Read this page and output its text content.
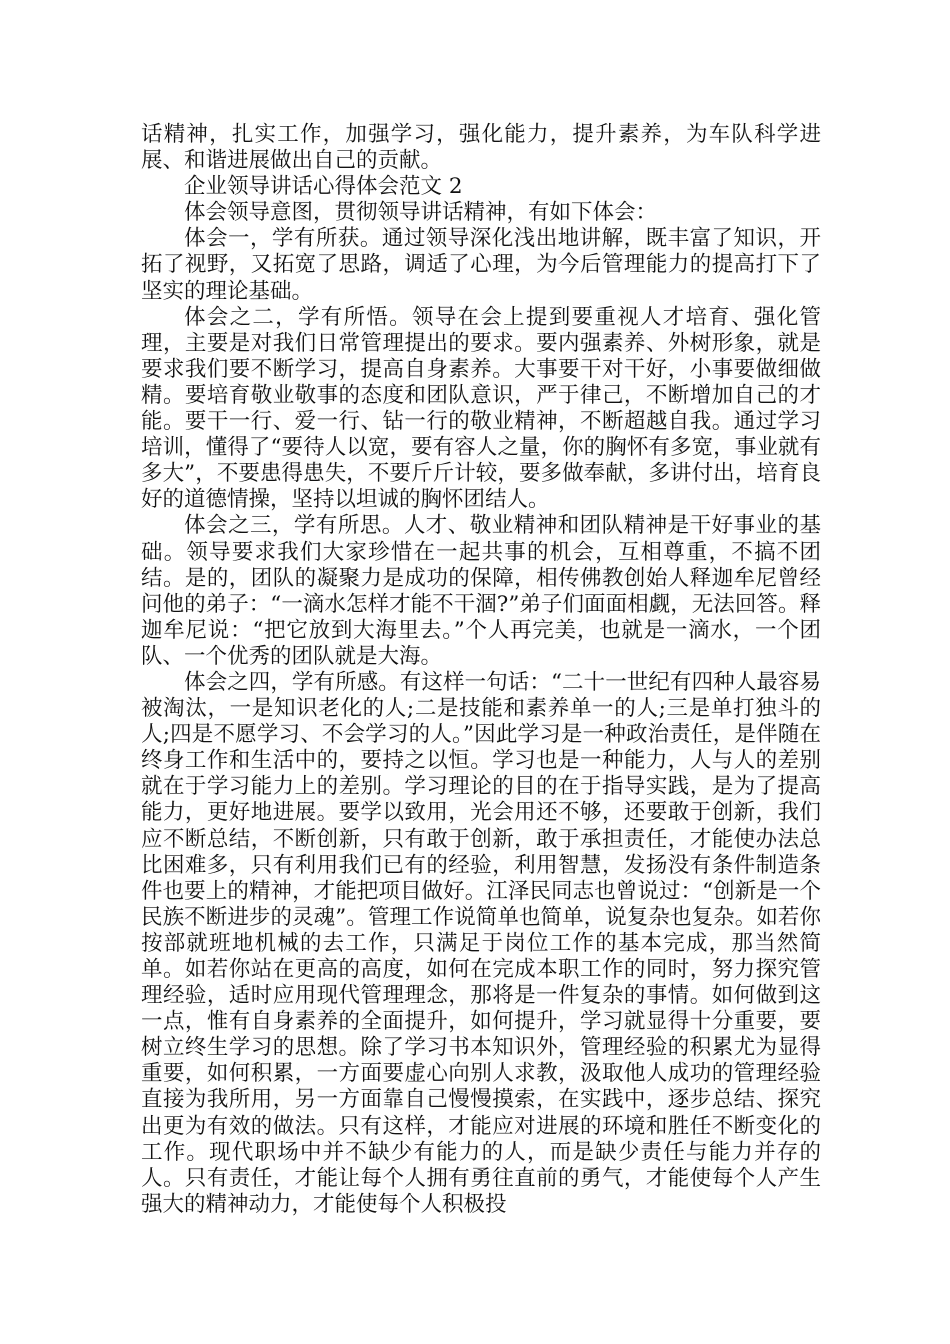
话精神，扎实工作，加强学习，强化能力，提升素养，为车队科学进展、和谐进展做出自己的贡献。

企业领导讲话心得体会范文 2

体会领导意图，贯彻领导讲话精神，有如下体会：

体会一，学有所获。通过领导深化浅出地讲解，既丰富了知识，开拓了视野，又拓宽了思路，调适了心理，为今后管理能力的提高打下了坚实的理论基础。

体会之二，学有所悟。领导在会上提到要重视人才培育、强化管理，主要是对我们日常管理提出的要求。要内强素养、外树形象，就是要求我们要不断学习，提高自身素养。大事要干对干好，小事要做细做精。要培育敬业敬事的态度和团队意识，严于律己，不断增加自己的才能。要干一行、爱一行、钻一行的敬业精神，不断超越自我。通过学习培训，懂得了“要待人以宽，要有容人之量，你的胸怀有多宽，事业就有多大”，不要患得患失，不要斤斤计较，要多做奉献，多讲付出，培育良好的道德情操，坚持以坦诚的胸怀团结人。

体会之三，学有所思。人才、敬业精神和团队精神是干好事业的基础。领导要求我们大家珍惜在一起共事的机会，互相尊重，不搞不团结。是的，团队的凝聚力是成功的保障，相传佛教创始人释迦牟尼曾经问他的弟子：“一滴水怎样才能不干涸?”弟子们面面相觑，无法回答。释迦牟尼说：“把它放到大海里去。”个人再完美，也就是一滴水，一个团队、一个优秀的团队就是大海。

体会之四，学有所感。有这样一句话：“二十一世纪有四种人最容易被淘汰，一是知识老化的人;二是技能和素养单一的人;三是单打独斗的人;四是不愿学习、不会学习的人。”因此学习是一种政治责任，是伴随在终身工作和生活中的，要持之以恒。学习也是一种能力，人与人的差别就在于学习能力上的差别。学习理论的目的在于指导实践，是为了提高能力，更好地进展。要学以致用，光会用还不够，还要敢于创新，我们应不断总结，不断创新，只有敢于创新，敢于承担责任，才能使办法总比困难多，只有利用我们已有的经验，利用智慧，发扬没有条件制造条件也要上的精神，才能把项目做好。江泽民同志也曾说过：“创新是一个民族不断进步的灵魂”。管理工作说简单也简单，说复杂也复杂。如若你按部就班地机械的去工作，只满足于岗位工作的基本完成，那当然简单。如若你站在更高的高度，如何在完成本职工作的同时，努力探究管理经验，适时应用现代管理理念，那将是一件复杂的事情。如何做到这一点，惟有自身素养的全面提升，如何提升，学习就显得十分重要，要树立终生学习的思想。除了学习书本知识外，管理经验的积累尤为显得重要，如何积累，一方面要虚心向别人求教，汲取他人成功的管理经验直接为我所用，另一方面靠自己慢慢摸索，在实践中，逐步总结、探究出更为有效的做法。只有这样，才能应对进展的环境和胜任不断变化的工作。现代职场中并不缺少有能力的人，而是缺少责任与能力并存的人。只有责任，才能让每个人拥有勇往直前的勇气，才能使每个人产生强大的精神动力，才能使每个人积极投
